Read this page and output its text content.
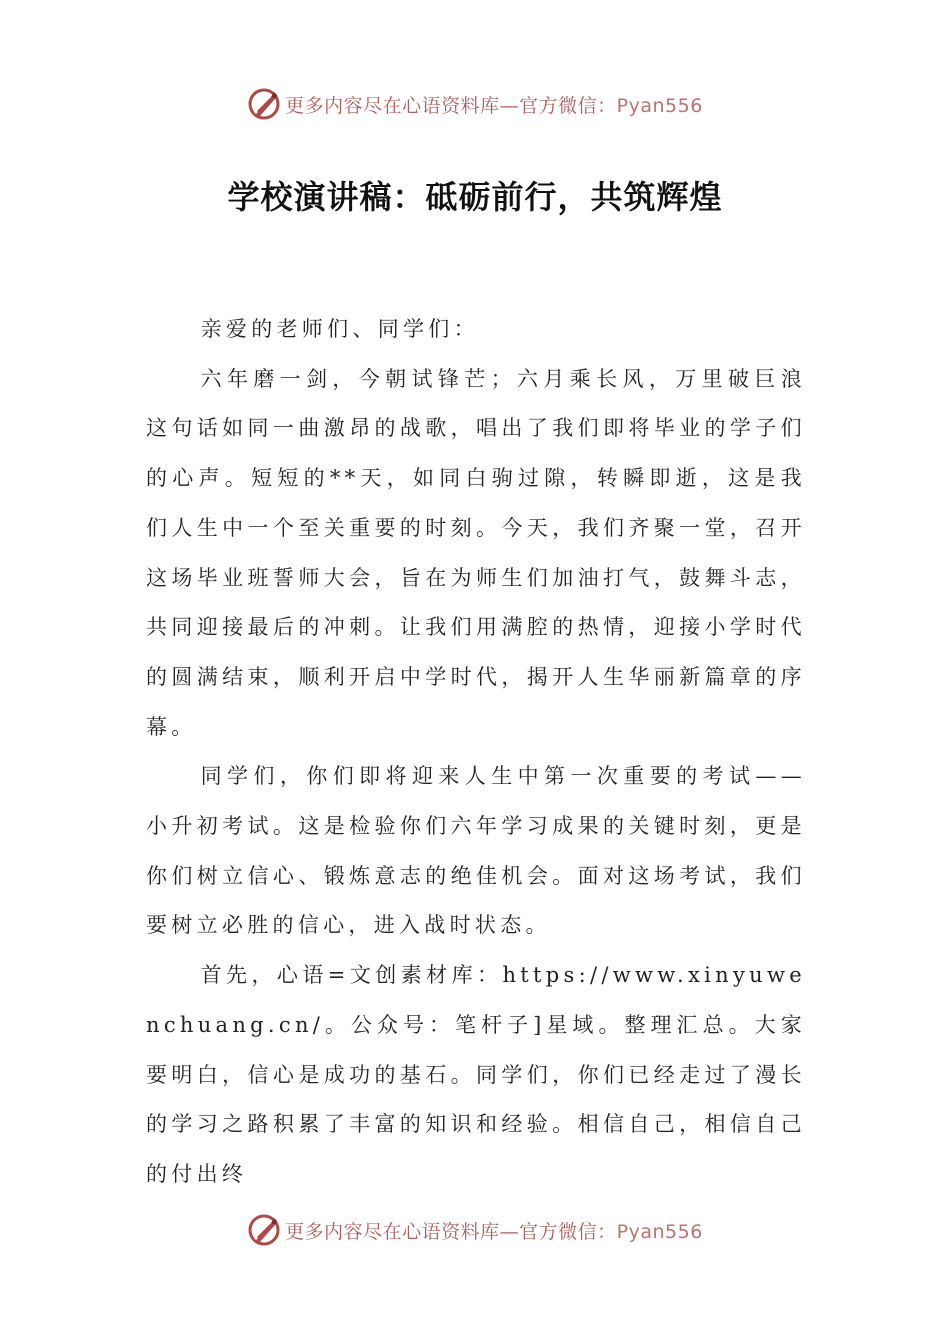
更多内容尽在心语资料库—官方微信：Pyan556
学校演讲稿：砥砺前行，共筑辉煌

亲爱的老师们、同学们：

六年磨一剑，今朝试锋芒；六月乘长风，万里破巨浪这句话如同一曲激昂的战歌，唱出了我们即将毕业的学子们的心声。短短的**天，如同白驹过隙，转瞬即逝，这是我们人生中一个至关重要的时刻。今天，我们齐聚一堂，召开这场毕业班誓师大会，旨在为师生们加油打气，鼓舞斗志，共同迎接最后的冲刺。让我们用满腔的热情，迎接小学时代的圆满结束，顺利开启中学时代，揭开人生华丽新篇章的序幕。

同学们，你们即将迎来人生中第一次重要的考试——小升初考试。这是检验你们六年学习成果的关键时刻，更是你们树立信心、锻炼意志的绝佳机会。面对这场考试，我们要树立必胜的信心，进入战时状态。

首先，心语=文创素材库：https://www.xinyuwenchuang.cn/。公众号：笔杆子]星域。整理汇总。大家要明白，信心是成功的基石。同学们，你们已经走过了漫长的学习之路积累了丰富的知识和经验。相信自己，相信自己的付出终

更多内容尽在心语资料库—官方微信：Pyan556
